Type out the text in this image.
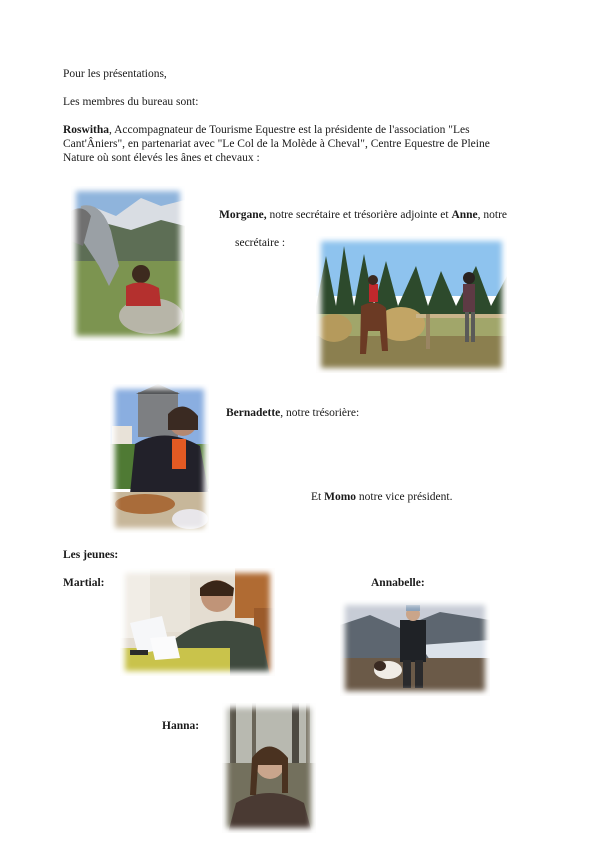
Pour les présentations,
Les membres du bureau sont:
Roswitha, Accompagnateur de Tourisme Equestre est la présidente de l'association "Les
Cant'Âniers", en partenariat avec "Le Col de la Molède à Cheval", Centre Equestre de Pleine
Nature où sont élevés les ânes et chevaux :
Morgane, notre secrétaire et trésorière adjointe et Anne, notre
secrétaire :
Bernadette, notre trésorière:
Et Momo notre vice président.
Les jeunes:
Martial:	Annabelle:
Hanna:
